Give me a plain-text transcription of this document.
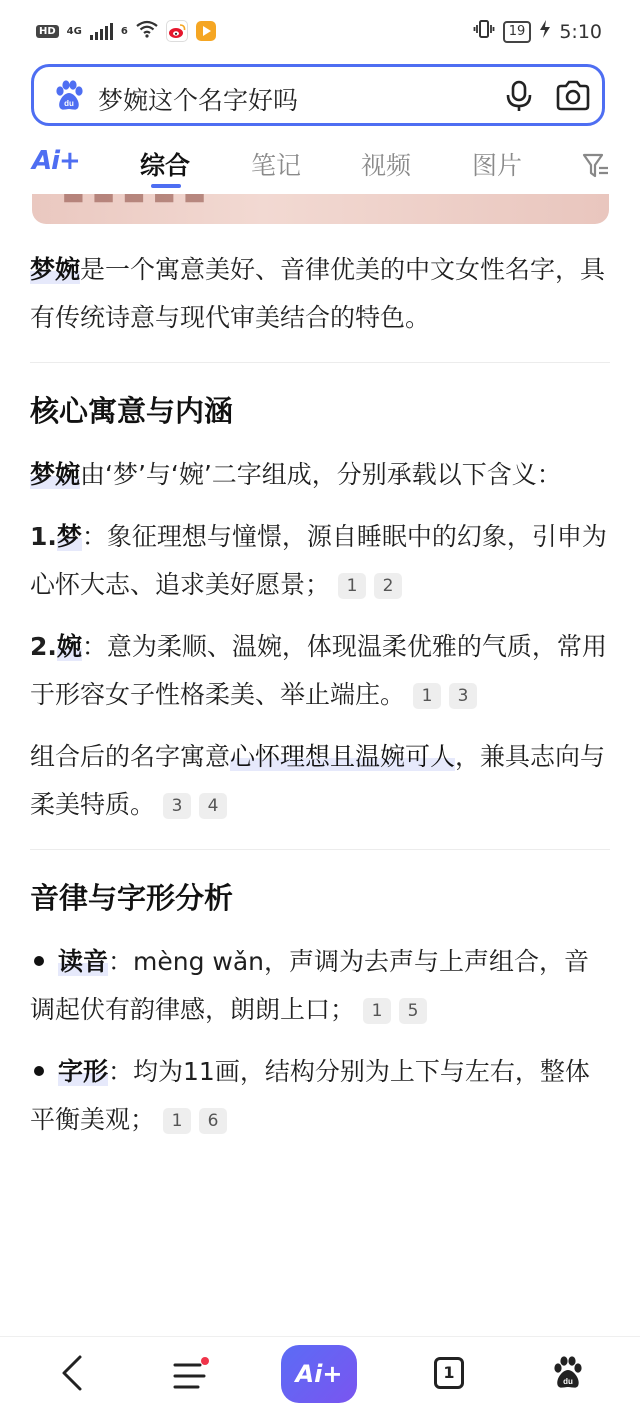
HD	4G	6	19	5:10
du 梦婉这个名字好吗
Ai+ 综合 笔记 视频 图片
▬ ▬ ▬ ▬ ▬

梦婉是一个寓意美好、音律优美的中文女性名字，具有传统诗意与现代审美结合的特色。

核心寓意与内涵

梦婉由‘梦’与‘婉’二字组成，分别承载以下含义：

1.梦：象征理想与憧憬，源自睡眠中的幻象，引申为心怀大志、追求美好愿景； 1 2

2.婉：意为柔顺、温婉，体现温柔优雅的气质，常用于形容女子性格柔美、举止端庄。 1 3

组合后的名字寓意心怀理想且温婉可人，兼具志向与柔美特质。 3 4

音律与字形分析

读音：mèng wǎn，声调为去声与上声组合，音调起伏有韵律感，朗朗上口； 1 5

字形：均为11画，结构分别为上下与左右，整体平衡美观； 1 6

Ai+	1	du
